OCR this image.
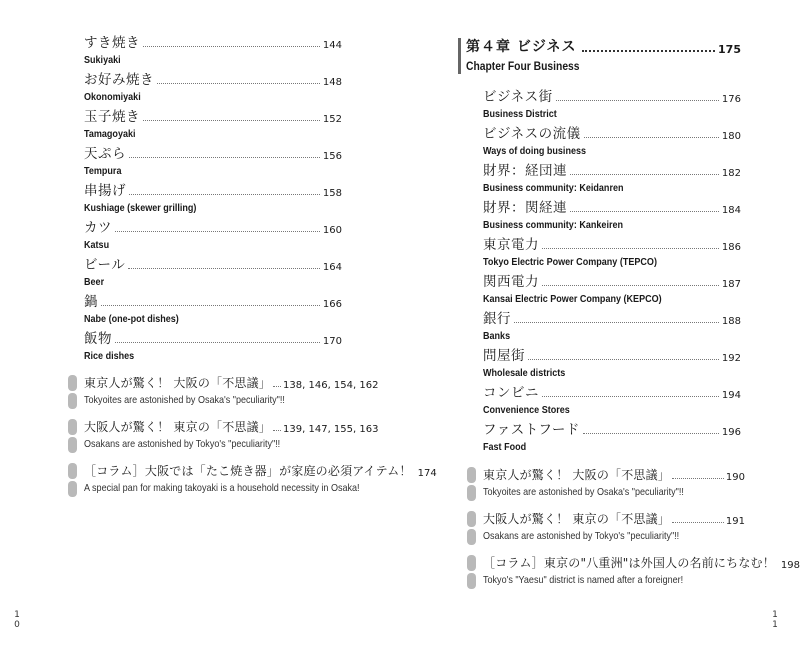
すき焼き	144
Sukiyaki
お好み焼き	148
Okonomiyaki
玉子焼き	152
Tamagoyaki
天ぷら	156
Tempura
串揚げ	158
Kushiage (skewer grilling)
カツ	160
Katsu
ビール	164
Beer
鍋	166
Nabe (one-pot dishes)
飯物	170
Rice dishes
東京人が驚く！ 大阪の「不思議」 138, 146, 154, 162
Tokyoites are astonished by Osaka's "peculiarity"!!
大阪人が驚く！ 東京の「不思議」 139, 147, 155, 163
Osakans are astonished by Tokyo's "peculiarity"!!
［コラム］大阪では「たこ焼き器」が家庭の必須アイテム！ 174
A special pan for making takoyaki is a household necessity in Osaka!
10
第４章 ビジネス	175
Chapter Four Business
ビジネス街	176
Business District
ビジネスの流儀	180
Ways of doing business
財界：経団連	182
Business community: Keidanren
財界：関経連	184
Business community: Kankeiren
東京電力	186
Tokyo Electric Power Company (TEPCO)
関西電力	187
Kansai Electric Power Company (KEPCO)
銀行	188
Banks
問屋街	192
Wholesale districts
コンビニ	194
Convenience Stores
ファストフード	196
Fast Food
東京人が驚く！ 大阪の「不思議」	190
Tokyoites are astonished by Osaka's "peculiarity"!!
大阪人が驚く！ 東京の「不思議」	191
Osakans are astonished by Tokyo's "peculiarity"!!
［コラム］東京の"八重洲"は外国人の名前にちなむ！ 198
Tokyo's "Yaesu" district is named after a foreigner!
11
